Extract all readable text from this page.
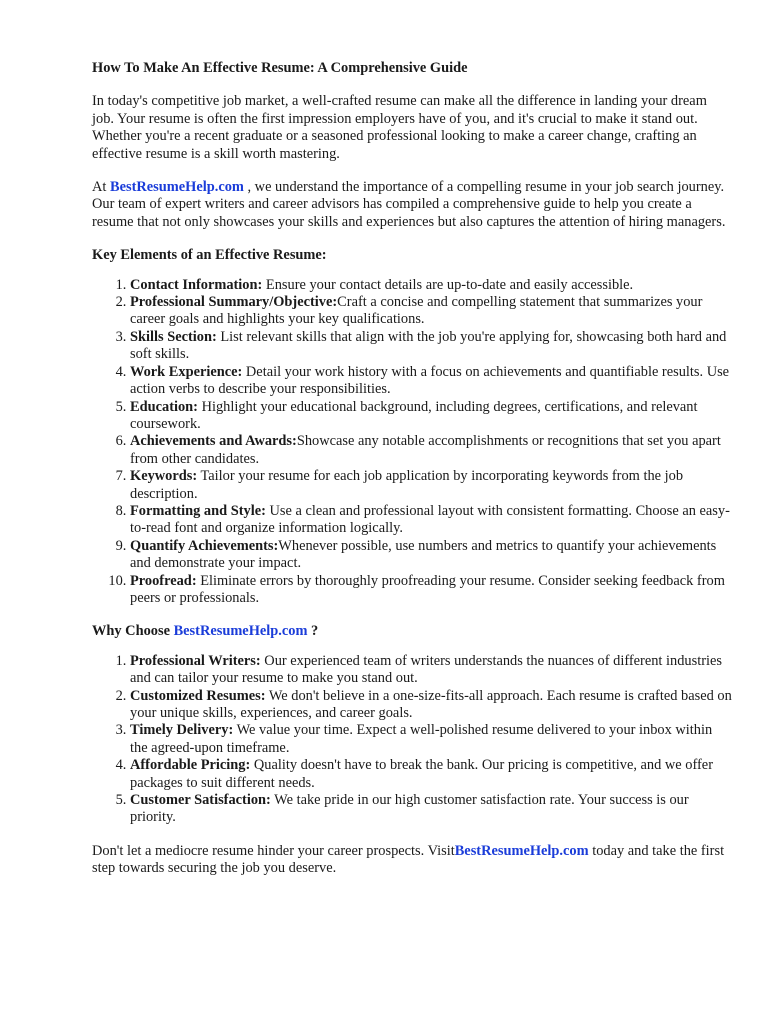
How To Make An Effective Resume: A Comprehensive Guide

In today's competitive job market, a well-crafted resume can make all the difference in landing your dream job. Your resume is often the first impression employers have of you, and it's crucial to make it stand out. Whether you're a recent graduate or a seasoned professional looking to make a career change, crafting an effective resume is a skill worth mastering.

At BestResumeHelp.com , we understand the importance of a compelling resume in your job search journey. Our team of expert writers and career advisors has compiled a comprehensive guide to help you create a resume that not only showcases your skills and experiences but also captures the attention of hiring managers.

Key Elements of an Effective Resume:
1. Contact Information: Ensure your contact details are up-to-date and easily accessible.
2. Professional Summary/Objective:Craft a concise and compelling statement that summarizes your career goals and highlights your key qualifications.
3. Skills Section: List relevant skills that align with the job you're applying for, showcasing both hard and soft skills.
4. Work Experience: Detail your work history with a focus on achievements and quantifiable results. Use action verbs to describe your responsibilities.
5. Education: Highlight your educational background, including degrees, certifications, and relevant coursework.
6. Achievements and Awards:Showcase any notable accomplishments or recognitions that set you apart from other candidates.
7. Keywords: Tailor your resume for each job application by incorporating keywords from the job description.
8. Formatting and Style: Use a clean and professional layout with consistent formatting. Choose an easy-to-read font and organize information logically.
9. Quantify Achievements:Whenever possible, use numbers and metrics to quantify your achievements and demonstrate your impact.
10. Proofread: Eliminate errors by thoroughly proofreading your resume. Consider seeking feedback from peers or professionals.
Why Choose BestResumeHelp.com ?
1. Professional Writers: Our experienced team of writers understands the nuances of different industries and can tailor your resume to make you stand out.
2. Customized Resumes: We don't believe in a one-size-fits-all approach. Each resume is crafted based on your unique skills, experiences, and career goals.
3. Timely Delivery: We value your time. Expect a well-polished resume delivered to your inbox within the agreed-upon timeframe.
4. Affordable Pricing: Quality doesn't have to break the bank. Our pricing is competitive, and we offer packages to suit different needs.
5. Customer Satisfaction: We take pride in our high customer satisfaction rate. Your success is our priority.

Don't let a mediocre resume hinder your career prospects. VisitBestResumeHelp.com today and take the first step towards securing the job you deserve.
